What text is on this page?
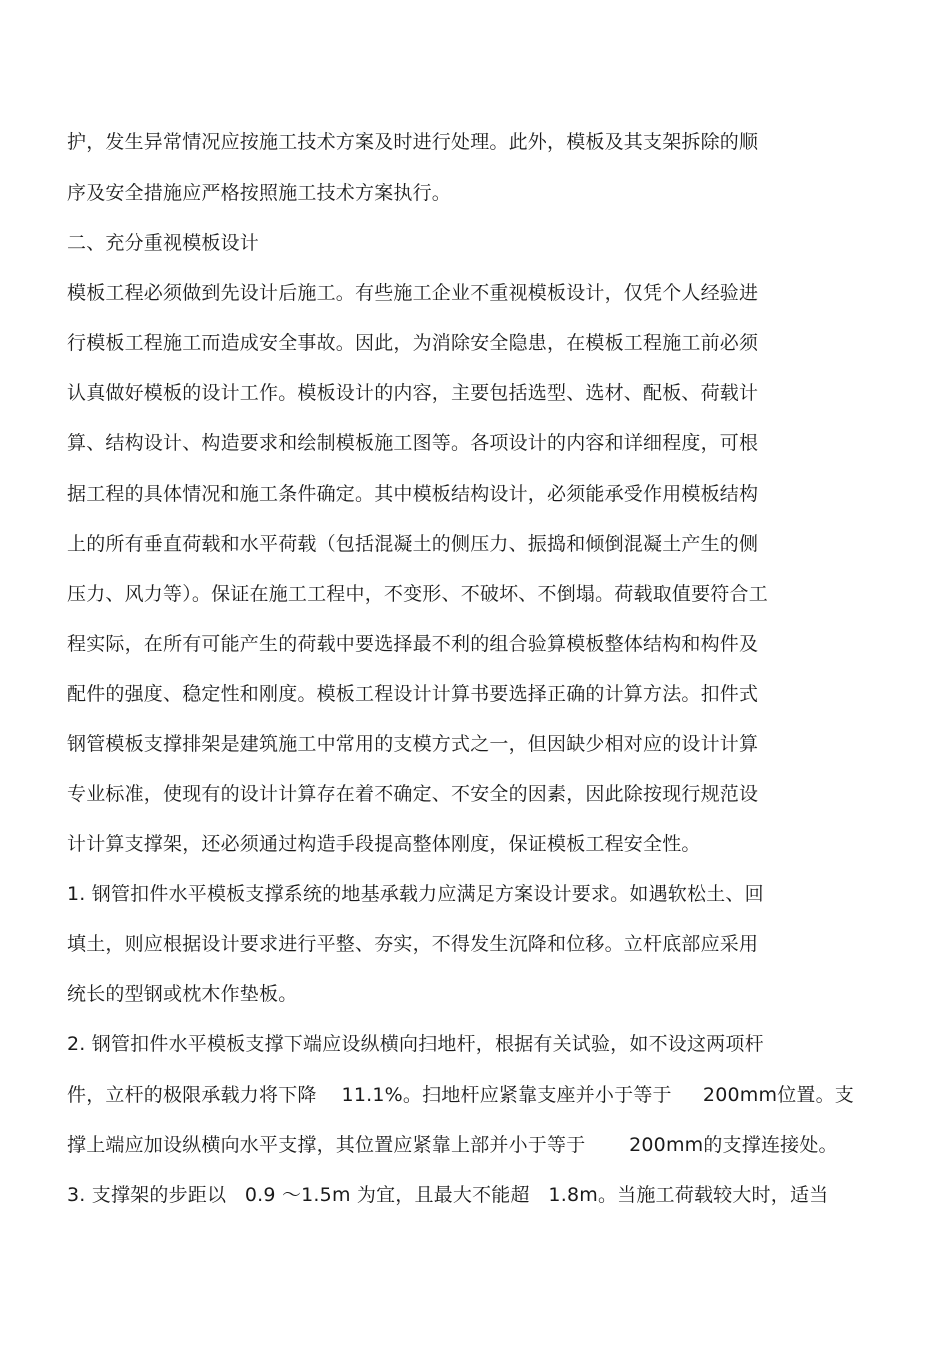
护，发生异常情况应按施工技术方案及时进行处理。此外，模板及其支架拆除的顺
序及安全措施应严格按照施工技术方案执行。
二、充分重视模板设计
模板工程必须做到先设计后施工。有些施工企业不重视模板设计，仅凭个人经验进
行模板工程施工而造成安全事故。因此，为消除安全隐患，在模板工程施工前必须
认真做好模板的设计工作。模板设计的内容，主要包括选型、选材、配板、荷载计
算、结构设计、构造要求和绘制模板施工图等。各项设计的内容和详细程度，可根
据工程的具体情况和施工条件确定。其中模板结构设计，必须能承受作用模板结构
上的所有垂直荷载和水平荷载（包括混凝土的侧压力、振捣和倾倒混凝土产生的侧
压力、风力等）。保证在施工工程中，不变形、不破坏、不倒塌。荷载取值要符合工
程实际，在所有可能产生的荷载中要选择最不利的组合验算模板整体结构和构件及
配件的强度、稳定性和刚度。模板工程设计计算书要选择正确的计算方法。扣件式
钢管模板支撑排架是建筑施工中常用的支模方式之一，但因缺少相对应的设计计算
专业标准，使现有的设计计算存在着不确定、不安全的因素，因此除按现行规范设
计计算支撑架，还必须通过构造手段提高整体刚度，保证模板工程安全性。
1. 钢管扣件水平模板支撑系统的地基承载力应满足方案设计要求。如遇软松土、回
填土，则应根据设计要求进行平整、夯实，不得发生沉降和位移。立杆底部应采用
统长的型钢或枕木作垫板。
2. 钢管扣件水平模板支撑下端应设纵横向扫地杆，根据有关试验，如不设这两项杆
件，立杆的极限承载力将下降    11.1%。扫地杆应紧靠支座并小于等于     200mm位置。支
撑上端应加设纵横向水平支撑，其位置应紧靠上部并小于等于       200mm的支撑连接处。
3. 支撑架的步距以   0.9 ～1.5m 为宜，且最大不能超   1.8m。当施工荷载较大时，适当
